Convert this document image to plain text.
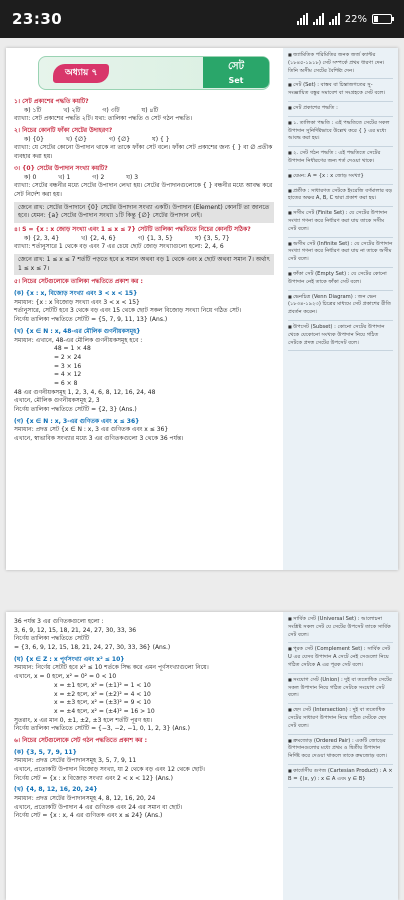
23:30	22%
অধ্যায় ৭
সেট
Set
১। সেট প্রকাশের পদ্ধতি কয়টি?
ক) ১টি	খ) ২টি	গ) ৩টি	ঘ) ৪টি
ব্যাখ্যা: সেট প্রকাশের পদ্ধতি ২টি। যথা: তালিকা পদ্ধতি ও সেট গঠন পদ্ধতি।
২। নিচের কোনটি ফাঁকা সেটের উদাহরণ?
ক) {0}	খ) {∅}	গ) {∅}	ঘ) { }
ব্যাখ্যা: যে সেটের কোনো উপাদান থাকে না তাকে ফাঁকা সেট বলে। ফাঁকা সেট প্রকাশের জন্য { } বা ∅ প্রতীক ব্যবহার করা হয়।
৩। {0} সেটের উপাদান সংখ্যা কয়টি?
ক) 0	খ) 1	গ) 2	ঘ) 3
ব্যাখ্যা: সেটের বন্ধনীর মধ্যে সেটের উপাদান লেখা হয়। সেটের উপাদানগুলোকে { } বন্ধনীর মধ্যে আবদ্ধ করে সেট নির্দেশ করা হয়।
জেনে রাখ: সেটের উপাদানে {0} সেটের উপাদান সংখ্যা একটি। উপাদান (Element) কোনটি তা জানতে হবে। যেমন: {a} সেটের উপাদান সংখ্যা ১টি কিন্তু {∅} সেটের উপাদান নেই।
৪। S = {x : x জোড় সংখ্যা এবং 1 ≤ x ≤ 7} সেটটি তালিকা পদ্ধতিতে নিচের কোনটি সঠিক?
ক) {2, 3, 4}	খ) {2, 4, 6}	গ) {1, 3, 5}	ঘ) {3, 5, 7}
ব্যাখ্যা: শর্তানুসারে 1 থেকে বড় এবং 7 এর চেয়ে ছোট জোড় সংখ্যাগুলো হলো: 2, 4, 6
জেনে রাখ: 1 ≤ x ≤ 7 শর্তটি পড়তে হবে x সমান অথবা বড় 1 থেকে এবং x ছোট অথবা সমান 7। অর্থাৎ 1 ≤ x ≤ 7।
৫। নিচের সেটগুলোকে তালিকা পদ্ধতিতে প্রকাশ কর :
(ক) {x : x, বিজোড় সংখ্যা এবং 3 < x < 15}
সমাধান: {x : x বিজোড় সংখ্যা এবং 3 < x < 15}
শর্তানুসারে, সেটটি হবে 3 থেকে বড় এবং 15 থেকে ছোট সকল বিজোড় সংখ্যা নিয়ে গঠিত সেট।
নির্ণেয় তালিকা পদ্ধতিতে সেটটি = {5, 7, 9, 11, 13} (Ans.)
(খ) {x ∈ N : x, 48-এর মৌলিক গুণনীয়কসমূহ}
সমাধান: এখানে, 48-এর মৌলিক গুণনীয়কসমূহ হবে :
48 = 1 × 48
= 2 × 24
= 3 × 16
= 4 × 12
= 6 × 8
48 এর গুণনীয়কসমূহ 1, 2, 3, 4, 6, 8, 12, 16, 24, 48
এখানে, মৌলিক গুণনীয়কসমূহ 2, 3
নির্ণেয় তালিকা পদ্ধতিতে সেটটি = {2, 3} (Ans.)
(গ) {x ∈ N : x, 3-এর গুণিতক এবং x ≤ 36}
সমাধান: প্রদত্ত সেট {x ∈ N : x, 3 এর গুণিতক এবং x ≤ 36}
এখানে, স্বাভাবিক সংখ্যার মধ্যে 3 এর গুণিতকগুলো 3 থেকে 36 পর্যন্ত।

■ জ্যামিতিক পরিমিতির জনক জর্জ ক্যান্টর (১৮৪৫-১৯১৮) সেট সম্পর্কে প্রথম ধারণা দেন। তিনি অসীম সেটের বৈশিষ্ট্য দেন।

■ সেট (Set) : বাস্তব বা চিন্তাজগতের সু-সংজ্ঞায়িত বস্তুর সমাবেশ বা সংগ্রহকে সেট বলে।

■ সেট প্রকাশের পদ্ধতি :

■ ১. তালিকা পদ্ধতি : এই পদ্ধতিতে সেটের সকল উপাদান সুনির্দিষ্টভাবে উল্লেখ করে { } এর মধ্যে আবদ্ধ করা হয়।

■ ২. সেট গঠন পদ্ধতি : এই পদ্ধতিতে সেটের উপাদান নির্ধারণের জন্য শর্ত দেওয়া থাকে।

■ যেমন: A = {x : x জোড় সংখ্যা}

■ প্রতীক : সাধারণত সেটকে ইংরেজি বর্ণমালার বড় হাতের অক্ষর A, B, C দ্বারা প্রকাশ করা হয়।

■ সসীম সেট (Finite Set) : যে সেটের উপাদান সংখ্যা গণনা করে নির্ধারণ করা যায় তাকে সসীম সেট বলে।

■ অসীম সেট (Infinite Set) : যে সেটের উপাদান সংখ্যা গণনা করে নির্ধারণ করা যায় না তাকে অসীম সেট বলে।

■ ফাঁকা সেট (Empty Set) : যে সেটের কোনো উপাদান নেই তাকে ফাঁকা সেট বলে।

■ ভেনচিত্র (Venn Diagram) : জন ভেন (১৮৩৪-১৯২৩) চিত্রের মাধ্যমে সেট প্রকাশের রীতি প্রবর্তন করেন।

■ উপসেট (Subset) : কোনো সেটের উপাদান থেকে যেকোনো সংখ্যক উপাদান নিয়ে গঠিত সেটকে প্রদত্ত সেটের উপসেট বলে।

36 পর্যন্ত 3 এর গুণিতকগুলো হলো :
3, 6, 9, 12, 15, 18, 21, 24, 27, 30, 33, 36
নির্ণেয় তালিকা পদ্ধতিতে সেটটি
= {3, 6, 9, 12, 15, 18, 21, 24, 27, 30, 33, 36} (Ans.)
(ঘ) {x ∈ Z : x পূর্ণসংখ্যা এবং x² ≤ 10}
সমাধান: নির্ণেয় সেটটি হবে x² ≤ 10 শর্তকে সিদ্ধ করে এমন পূর্ণসংখ্যাগুলো নিয়ে।
এখানে, x = 0 হলে, x² = 0² = 0 < 10
x = ±1 হলে, x² = (±1)² = 1 < 10
x = ±2 হলে, x² = (±2)² = 4 < 10
x = ±3 হলে, x² = (±3)² = 9 < 10
x = ±4 হলে, x² = (±4)² = 16 > 10
সুতরাং, x এর মান 0, ±1, ±2, ±3 হলে শর্তটি পূরণ হয়।
নির্ণেয় তালিকা পদ্ধতিতে সেটটি = {−3, −2, −1, 0, 1, 2, 3} (Ans.)
৬। নিচের সেটগুলোকে সেট গঠন পদ্ধতিতে প্রকাশ কর :
(ক) {3, 5, 7, 9, 11}
সমাধান: প্রদত্ত সেটের উপাদানসমূহ 3, 5, 7, 9, 11
এখানে, প্রত্যেকটি উপাদান বিজোড় সংখ্যা, যা 2 থেকে বড় এবং 12 থেকে ছোট।
নির্ণেয় সেট = {x : x বিজোড় সংখ্যা এবং 2 < x < 12} (Ans.)
(খ) {4, 8, 12, 16, 20, 24}
সমাধান: প্রদত্ত সেটের উপাদানসমূহ 4, 8, 12, 16, 20, 24
এখানে, প্রত্যেকটি উপাদান 4 এর গুণিতক এবং 24 এর সমান বা ছোট।
নির্ণেয় সেট = {x : x, 4 এর গুণিতক এবং x ≤ 24} (Ans.)

■ সার্বিক সেট (Universal Set) : আলোচনা সংশ্লিষ্ট সকল সেট যে সেটের উপসেট তাকে সার্বিক সেট বলে।

■ পূরক সেট (Complement Set) : সার্বিক সেট U এর যেসব উপাদান A সেটে নেই সেগুলো নিয়ে গঠিত সেটকে A এর পূরক সেট বলে।

■ সংযোগ সেট (Union) : দুই বা ততোধিক সেটের সকল উপাদান নিয়ে গঠিত সেটকে সংযোগ সেট বলে।

■ ছেদ সেট (Intersection) : দুই বা ততোধিক সেটের সাধারণ উপাদান নিয়ে গঠিত সেটকে ছেদ সেট বলে।

■ ক্রমজোড় (Ordered Pair) : একটি জোড়ের উপাদানগুলোর মধ্যে প্রথম ও দ্বিতীয় উপাদান নির্দিষ্ট করে দেওয়া থাকলে তাকে ক্রমজোড় বলে।

■ কার্তেসীয় গুণজ (Cartesian Product) : A × B = {(x, y) : x ∈ A এবং y ∈ B}
